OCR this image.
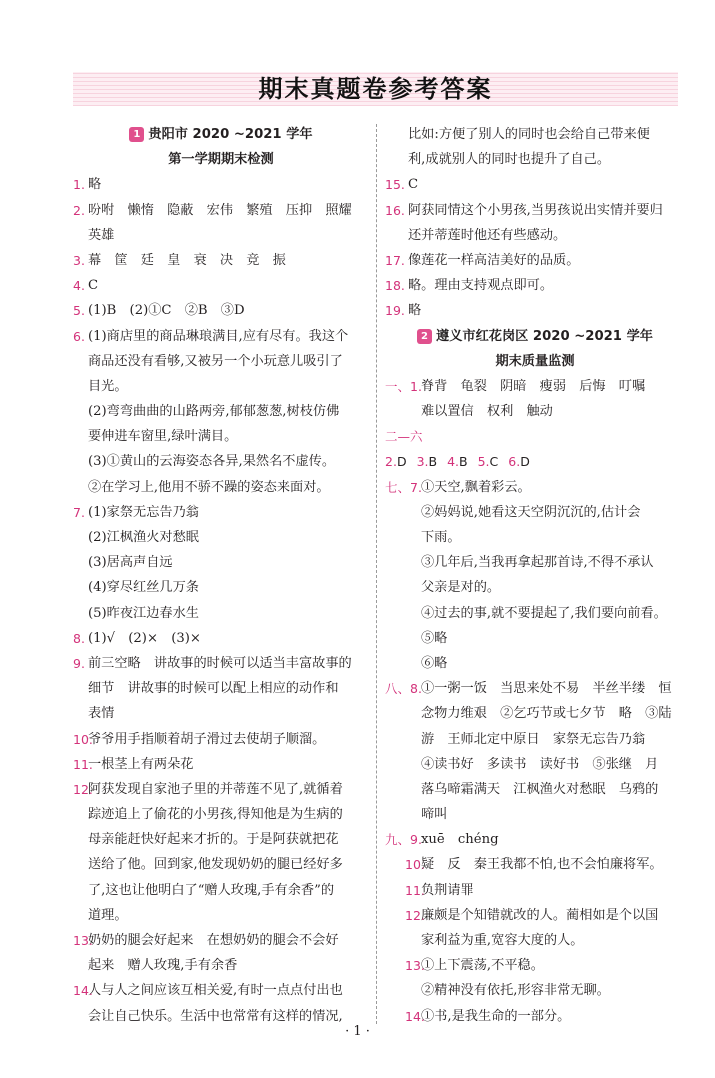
期末真题卷参考答案
1 贵阳市 2020 ~2021 学年
第一学期期末检测
1. 略
2. 吩咐　懒惰　隐蔽　宏伟　繁殖　压抑　照耀
英雄
3. 幕　筐　廷　皇　衰　决　竞　振
4. C
5. (1)B　(2)①C　②B　③D
6. (1)商店里的商品琳琅满目,应有尽有。我这个
商品还没有看够,又被另一个小玩意儿吸引了
目光。
(2)弯弯曲曲的山路两旁,郁郁葱葱,树枝仿佛
要伸进车窗里,绿叶满目。
(3)①黄山的云海姿态各异,果然名不虚传。
②在学习上,他用不骄不躁的姿态来面对。
7. (1)家祭无忘告乃翁
(2)江枫渔火对愁眠
(3)居高声自远
(4)穿尽红丝几万条
(5)昨夜江边春水生
8. (1)√　(2)×　(3)×
9. 前三空略　讲故事的时候可以适当丰富故事的
细节　讲故事的时候可以配上相应的动作和
表情
10.
爷爷用手指顺着胡子滑过去使胡子顺溜。
11.
一根茎上有两朵花
12.
阿获发现自家池子里的并蒂莲不见了,就循着
踪迹追上了偷花的小男孩,得知他是为生病的
母亲能赶快好起来才折的。于是阿获就把花
送给了他。回到家,他发现奶奶的腿已经好多
了,这也让他明白了“赠人玫瑰,手有余香”的
道理。
13.
奶奶的腿会好起来　在想奶奶的腿会不会好
起来　赠人玫瑰,手有余香
14.
人与人之间应该互相关爱,有时一点点付出也
会让自己快乐。生活中也常常有这样的情况,
比如:方便了别人的同时也会给自己带来便
利,成就别人的同时也提升了自己。
15. C
16. 阿获同情这个小男孩,当男孩说出实情并要归
还并蒂莲时他还有些感动。
17. 像莲花一样高洁美好的品质。
18. 略。理由支持观点即可。
19. 略
2 遵义市红花岗区 2020 ~2021 学年
期末质量监测
一、1. 脊背　龟裂　阴暗　瘦弱　后悔　叮嘱
难以置信　权利　触动
二—六
2.D 3.B 4.B 5.C 6.D
七、7. ①天空,飘着彩云。
②妈妈说,她看这天空阴沉沉的,估计会
下雨。
③几年后,当我再拿起那首诗,不得不承认
父亲是对的。
④过去的事,就不要提起了,我们要向前看。
⑤略
⑥略
八、8. ①一粥一饭　当思来处不易　半丝半缕　恒
念物力维艰　②乞巧节或七夕节　略　③陆
游　王师北定中原日　家祭无忘告乃翁
④读书好　多读书　读好书　⑤张继　月
落乌啼霜满天　江枫渔火对愁眠　乌鸦的
啼叫
九、9. xuē　chéng
10.
疑　反　秦王我都不怕,也不会怕廉将军。
11.
负荆请罪
12.
廉颇是个知错就改的人。蔺相如是个以国
家利益为重,宽容大度的人。
13.
①上下震荡,不平稳。
②精神没有依托,形容非常无聊。
14.
①书,是我生命的一部分。
· 1 ·
